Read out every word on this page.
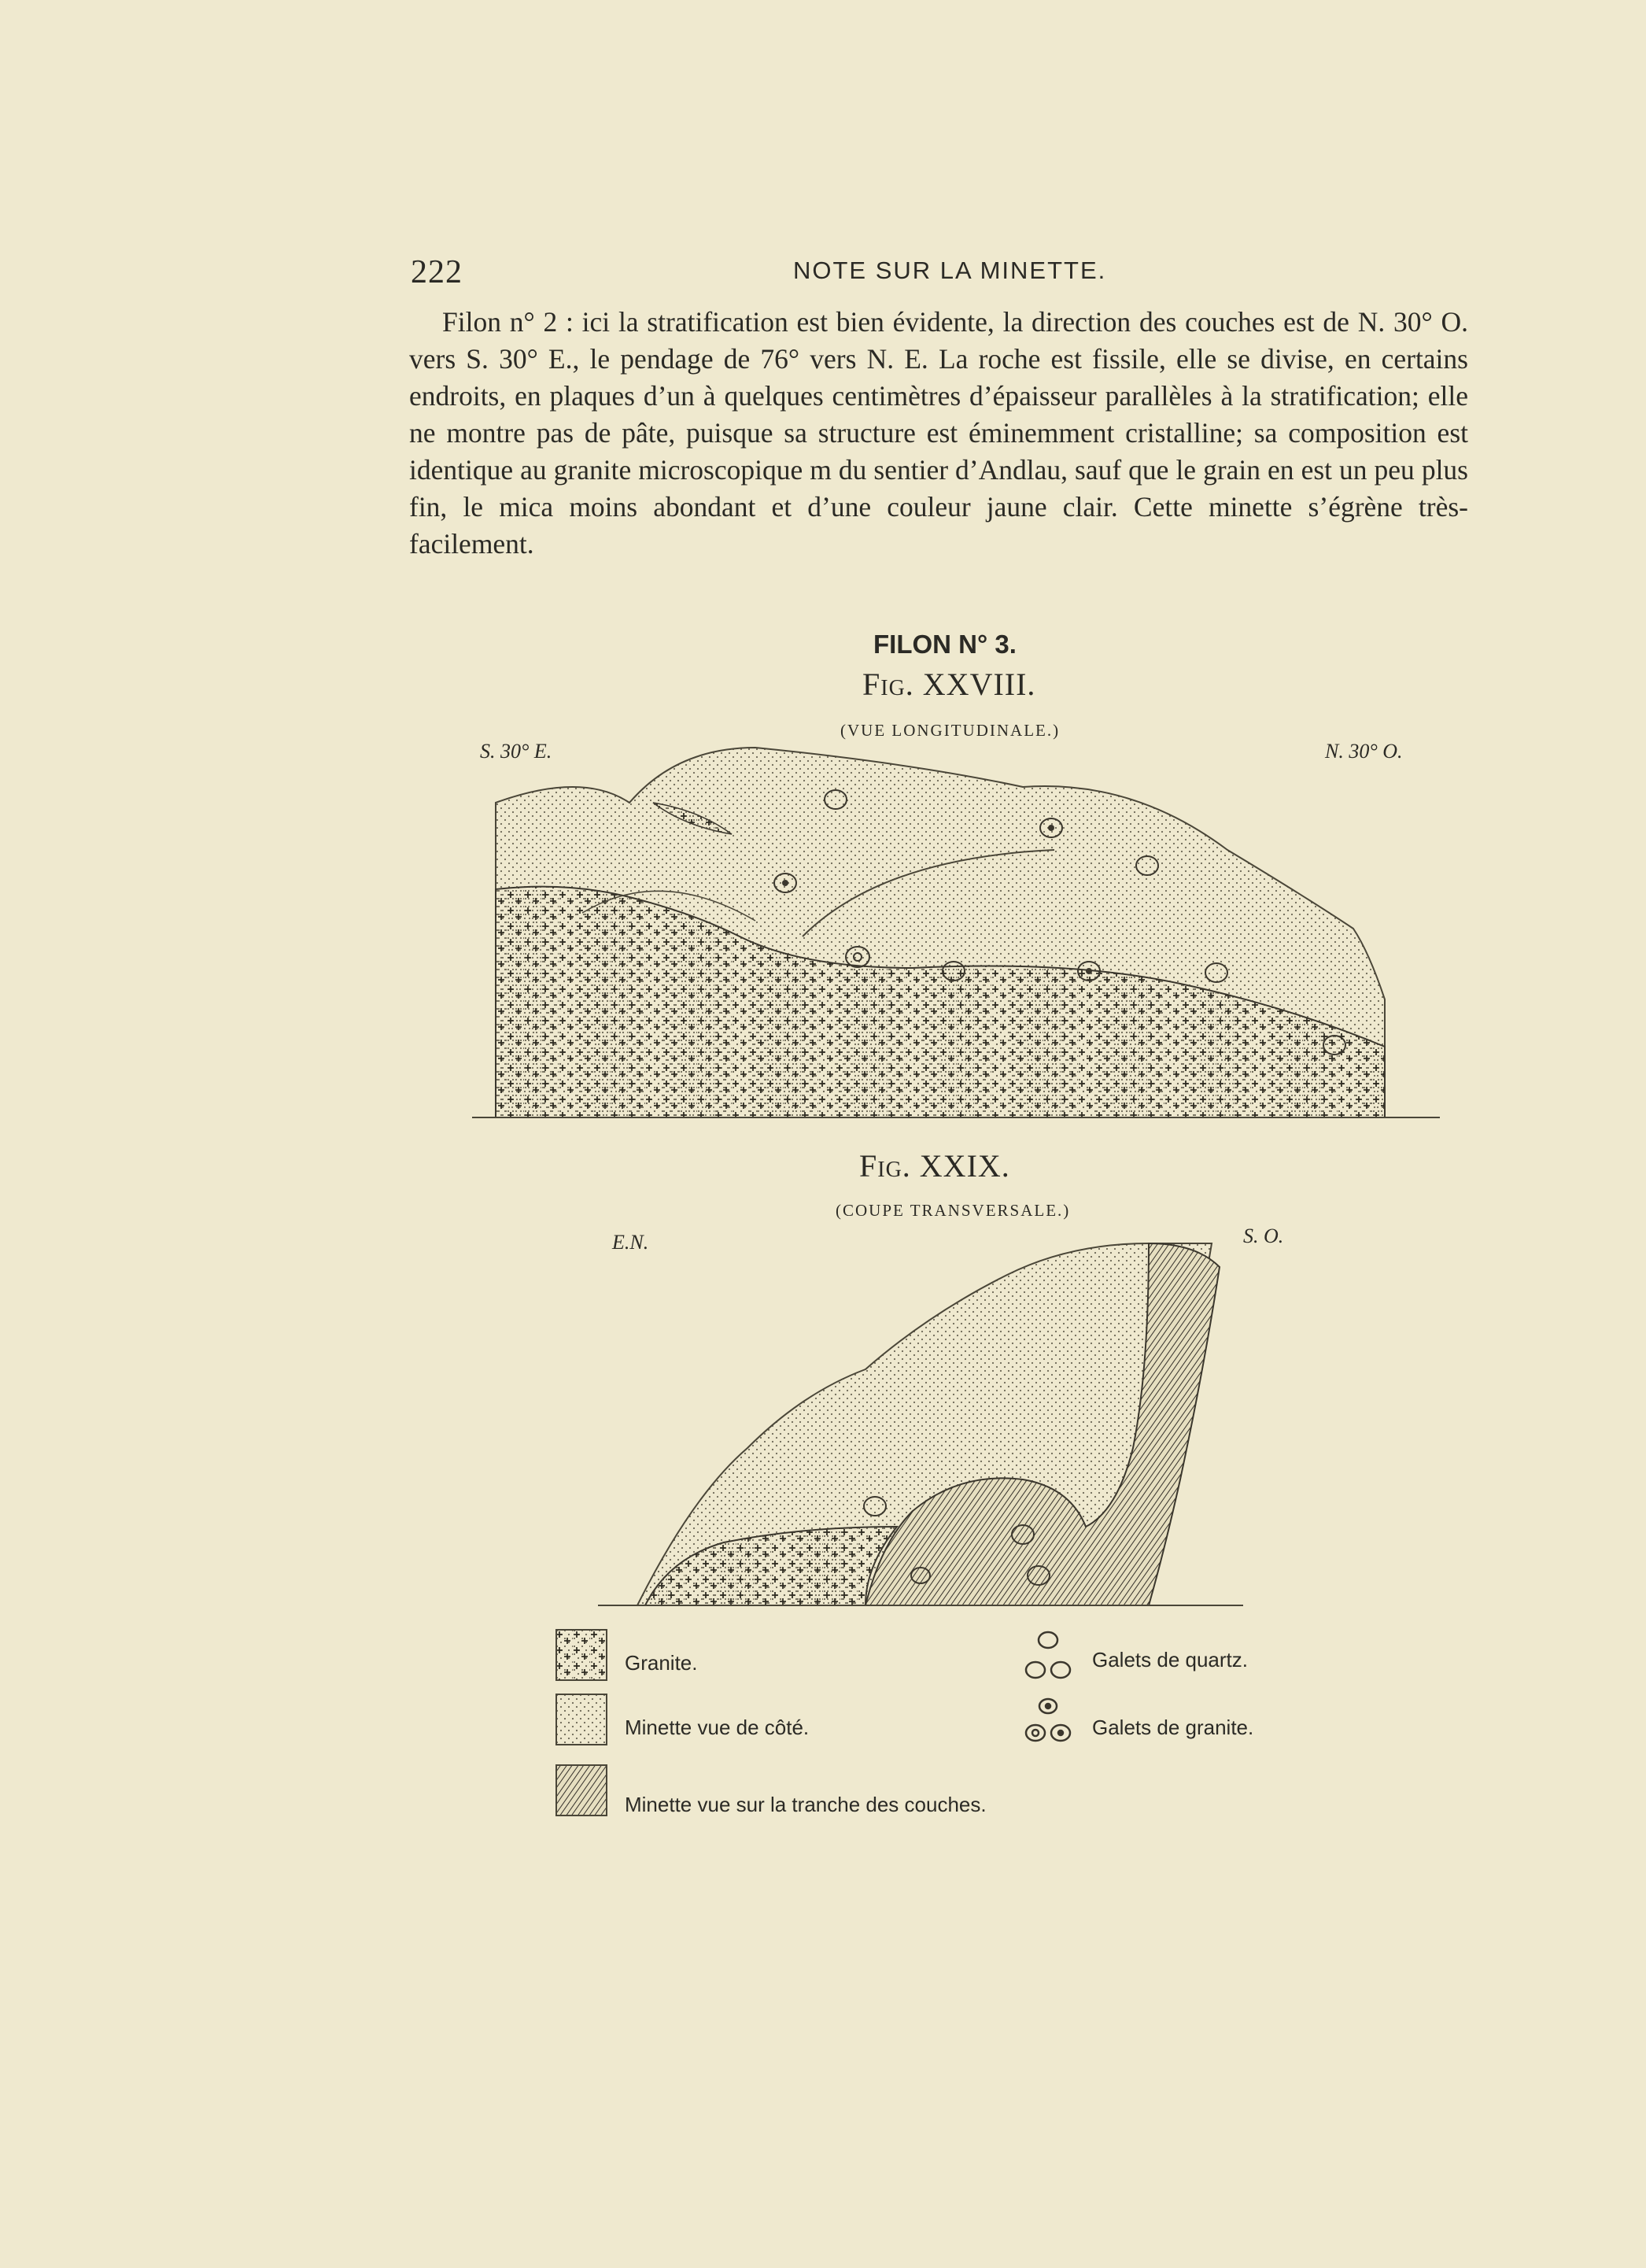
222	NOTE SUR LA MINETTE.

Filon n° 2 : ici la stratification est bien évidente, la direction des couches est de N. 30° O. vers S. 30° E., le pendage de 76° vers N. E. La roche est fissile, elle se divise, en certains endroits, en plaques d’un à quelques centimètres d’épaisseur parallèles à la stratification; elle ne montre pas de pâte, puisque sa structure est éminemment cristalline; sa composition est identique au granite microscopique m du sentier d’Andlau, sauf que le grain en est un peu plus fin, le mica moins abondant et d’une couleur jaune clair. Cette minette s’égrène très-facilement.

FILON N° 3.
Fig. XXVIII.
(VUE LONGITUDINALE.)
S. 30° E.	N. 30° O.
Fig. XXIX.
(COUPE TRANSVERSALE.)
E.N.	S. O.
Granite.
Minette vue de côté.
Minette vue sur la tranche des couches.
Galets de quartz.
Galets de granite.
